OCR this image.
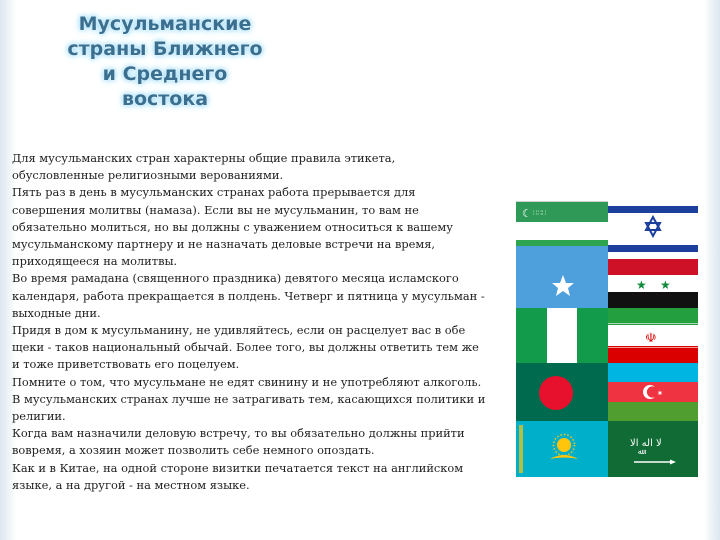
Мусульманские
страны Ближнего
и Среднего
востока

Для мусульманских стран характерны общие правила этикета, обусловленные религиозными верованиями.

Пять раз в день в мусульманских странах работа прерывается для совершения молитвы (намаза). Если вы не мусульманин, то вам не обязательно молиться, но вы должны с уважением относиться к вашему мусульманскому партнеру и не назначать деловые встречи на время, приходящееся на молитвы.

Во время рамадана (священного праздника) девятого месяца исламского календаря, работа прекращается в полдень. Четверг и пятница у мусульман - выходные дни.

Придя в дом к мусульманину, не удивляйтесь, если он расцелует вас в обе щеки - таков национальный обычай. Более того, вы должны ответить тем же и тоже приветствовать его поцелуем.

Помните о том, что мусульмане не едят свинину и не употребляют алкоголь.

В мусульманских странах лучше не затрагивать тем, касающихся политики и религии.

Когда вам назначили деловую встречу, то вы обязательно должны прийти вовремя, а хозяин может позволить себе немного опоздать.

Как и в Китае, на одной стороне визитки печатается текст на английском языке, а на другой - на местном языке.

☾ ∷∷∷
★ ★
☫
✷
ﻻ ﺍﻟﻪ ﺍﻻ
ﷲ
